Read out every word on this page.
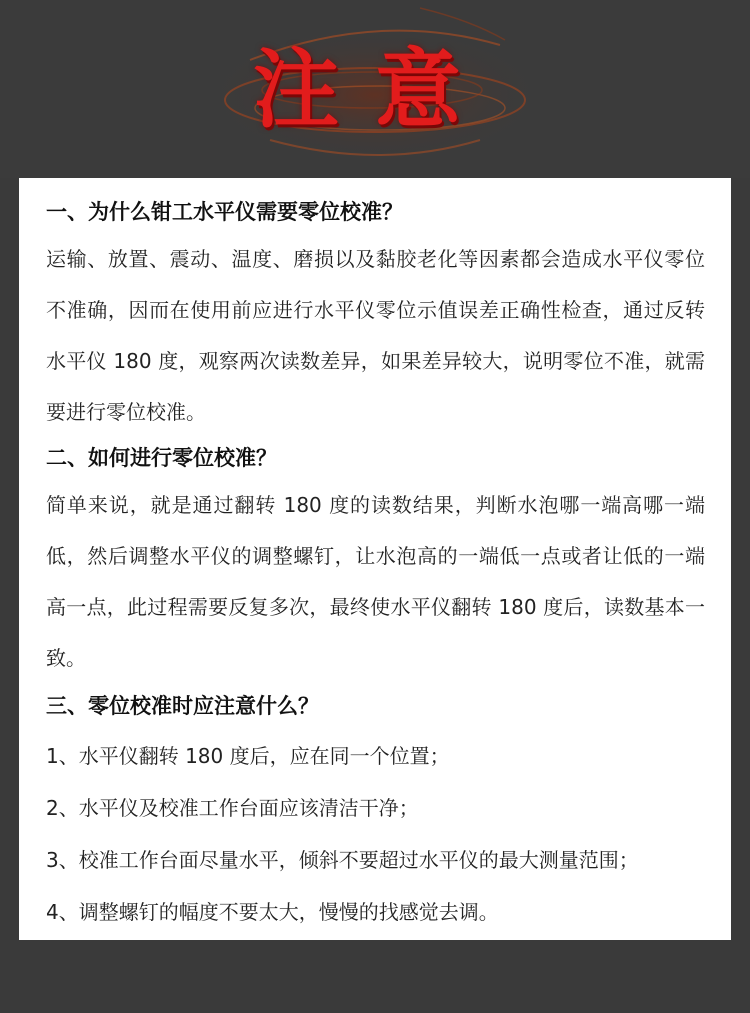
注意

一、为什么钳工水平仪需要零位校准？

运输、放置、震动、温度、磨损以及黏胶老化等因素都会造成水平仪零位不准确，因而在使用前应进行水平仪零位示值误差正确性检查，通过反转水平仪 180 度，观察两次读数差异，如果差异较大，说明零位不准，就需要进行零位校准。

二、如何进行零位校准？

简单来说，就是通过翻转 180 度的读数结果，判断水泡哪一端高哪一端低，然后调整水平仪的调整螺钉，让水泡高的一端低一点或者让低的一端高一点，此过程需要反复多次，最终使水平仪翻转 180 度后，读数基本一致。

三、零位校准时应注意什么？

1、水平仪翻转 180 度后，应在同一个位置；

2、水平仪及校准工作台面应该清洁干净；

3、校准工作台面尽量水平，倾斜不要超过水平仪的最大测量范围；

4、调整螺钉的幅度不要太大，慢慢的找感觉去调。
